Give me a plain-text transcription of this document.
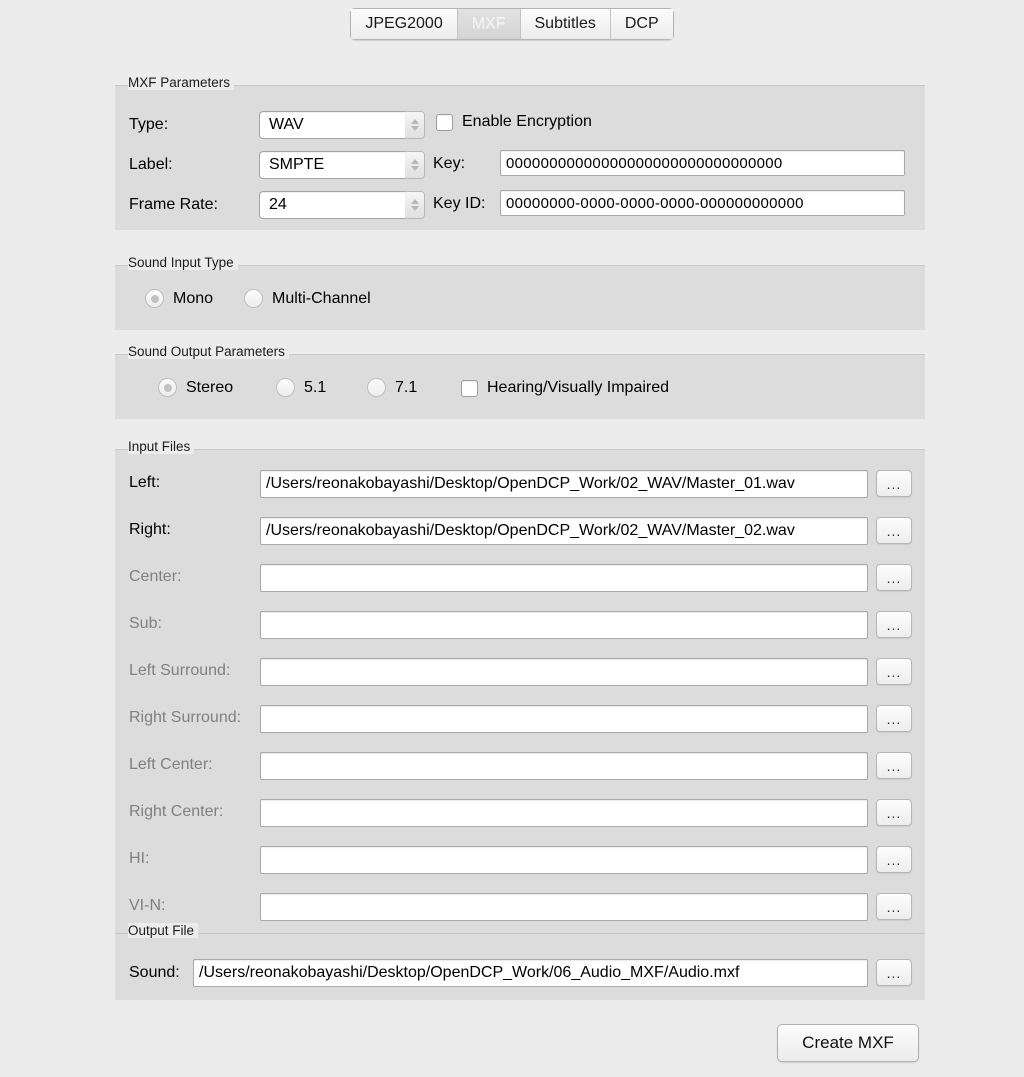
JPEG2000	MXF	Subtitles	DCP
MXF Parameters
Type:	WAV
Label:	SMPTE
Frame Rate:	24
Enable Encryption
Key:	00000000000000000000000000000000
Key ID:	00000000-0000-0000-0000-000000000000
Sound Input Type
Mono	Multi-Channel
Sound Output Parameters
Stereo	5.1	7.1	Hearing/Visually Impaired
Input Files
Left:	/Users/reonakobayashi/Desktop/OpenDCP_Work/02_WAV/Master_01.wav	...
Right:	/Users/reonakobayashi/Desktop/OpenDCP_Work/02_WAV/Master_02.wav	...
Center:	...
Sub:	...
Left Surround:	...
Right Surround:	...
Left Center:	...
Right Center:	...
HI:	...
VI-N:	...
Output File
Sound:	/Users/reonakobayashi/Desktop/OpenDCP_Work/06_Audio_MXF/Audio.mxf	...
Create MXF
